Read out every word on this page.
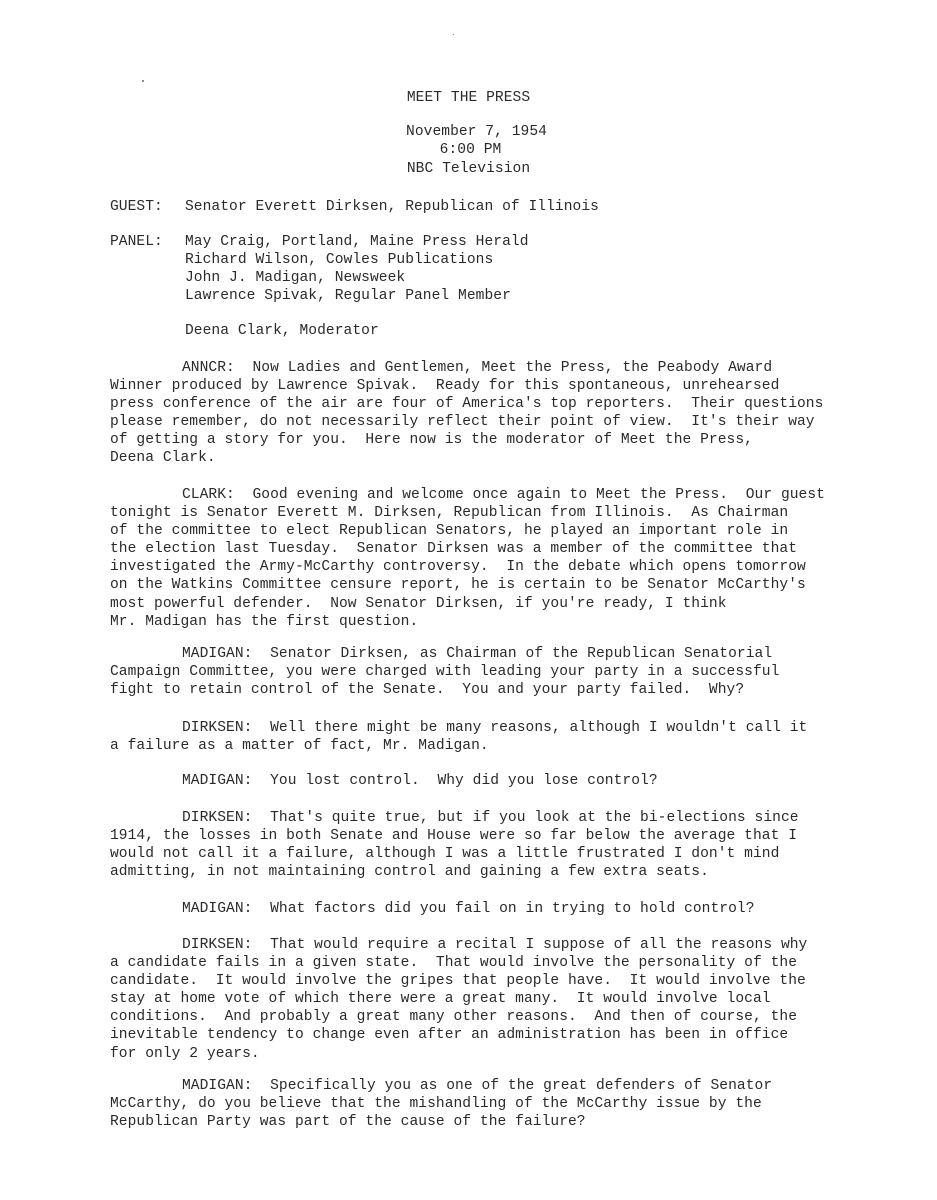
MEET THE PRESS
November 7, 1954
6:00 PM
NBC Television
GUEST: Senator Everett Dirksen, Republican of Illinois
PANEL: May Craig, Portland, Maine Press Herald
Richard Wilson, Cowles Publications
John J. Madigan, Newsweek
Lawrence Spivak, Regular Panel Member
Deena Clark, Moderator
ANNCR: Now Ladies and Gentlemen, Meet the Press, the Peabody Award
Winner produced by Lawrence Spivak.  Ready for this spontaneous, unrehearsed
press conference of the air are four of America's top reporters.  Their questions
please remember, do not necessarily reflect their point of view.  It's their way
of getting a story for you.  Here now is the moderator of Meet the Press,
Deena Clark.
CLARK: Good evening and welcome once again to Meet the Press.  Our guest
tonight is Senator Everett M. Dirksen, Republican from Illinois.  As Chairman
of the committee to elect Republican Senators, he played an important role in
the election last Tuesday.  Senator Dirksen was a member of the committee that
investigated the Army-McCarthy controversy.  In the debate which opens tomorrow
on the Watkins Committee censure report, he is certain to be Senator McCarthy's
most powerful defender.  Now Senator Dirksen, if you're ready, I think
Mr. Madigan has the first question.
MADIGAN: Senator Dirksen, as Chairman of the Republican Senatorial
Campaign Committee, you were charged with leading your party in a successful
fight to retain control of the Senate.  You and your party failed.  Why?
DIRKSEN: Well there might be many reasons, although I wouldn't call it
a failure as a matter of fact, Mr. Madigan.
MADIGAN: You lost control.  Why did you lose control?
DIRKSEN: That's quite true, but if you look at the bi-elections since
1914, the losses in both Senate and House were so far below the average that I
would not call it a failure, although I was a little frustrated I don't mind
admitting, in not maintaining control and gaining a few extra seats.
MADIGAN: What factors did you fail on in trying to hold control?
DIRKSEN: That would require a recital I suppose of all the reasons why
a candidate fails in a given state.  That would involve the personality of the
candidate.  It would involve the gripes that people have.  It would involve the
stay at home vote of which there were a great many.  It would involve local
conditions.  And probably a great many other reasons.  And then of course, the
inevitable tendency to change even after an administration has been in office
for only 2 years.
MADIGAN: Specifically you as one of the great defenders of Senator
McCarthy, do you believe that the mishandling of the McCarthy issue by the
Republican Party was part of the cause of the failure?
